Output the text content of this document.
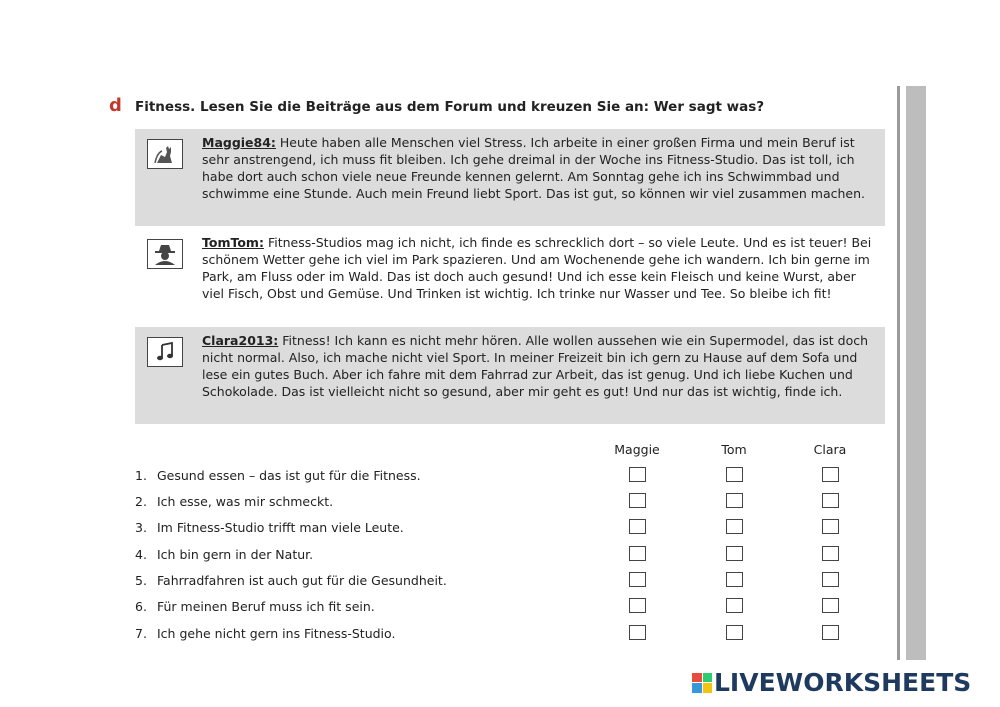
d Fitness. Lesen Sie die Beiträge aus dem Forum und kreuzen Sie an: Wer sagt was?
Maggie84: Heute haben alle Menschen viel Stress. Ich arbeite in einer großen Firma und mein Beruf ist sehr anstrengend, ich muss fit bleiben. Ich gehe dreimal in der Woche ins Fitness-Studio. Das ist toll, ich habe dort auch schon viele neue Freunde kennen gelernt. Am Sonntag gehe ich ins Schwimmbad und schwimme eine Stunde. Auch mein Freund liebt Sport. Das ist gut, so können wir viel zusammen machen.
TomTom: Fitness-Studios mag ich nicht, ich finde es schrecklich dort – so viele Leute. Und es ist teuer! Bei schönem Wetter gehe ich viel im Park spazieren. Und am Wochenende gehe ich wandern. Ich bin gerne im Park, am Fluss oder im Wald. Das ist doch auch gesund! Und ich esse kein Fleisch und keine Wurst, aber viel Fisch, Obst und Gemüse. Und Trinken ist wichtig. Ich trinke nur Wasser und Tee. So bleibe ich fit!
Clara2013: Fitness! Ich kann es nicht mehr hören. Alle wollen aussehen wie ein Supermodel, das ist doch nicht normal. Also, ich mache nicht viel Sport. In meiner Freizeit bin ich gern zu Hause auf dem Sofa und lese ein gutes Buch. Aber ich fahre mit dem Fahrrad zur Arbeit, das ist genug. Und ich liebe Kuchen und Schokolade. Das ist vielleicht nicht so gesund, aber mir geht es gut! Und nur das ist wichtig, finde ich.
Maggie	Tom	Clara
1. Gesund essen – das ist gut für die Fitness.
2. Ich esse, was mir schmeckt.
3. Im Fitness-Studio trifft man viele Leute.
4. Ich bin gern in der Natur.
5. Fahrradfahren ist auch gut für die Gesundheit.
6. Für meinen Beruf muss ich fit sein.
7. Ich gehe nicht gern ins Fitness-Studio.
LIVEWORKSHEETS
